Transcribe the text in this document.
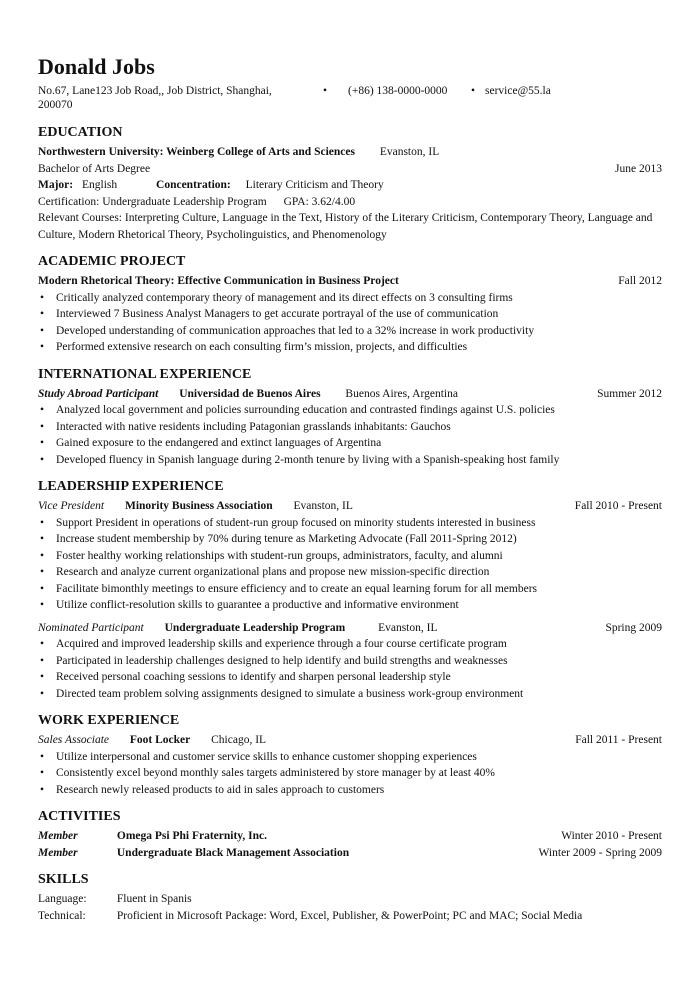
Donald Jobs
No.67, Lane123 Job Road,, Job District, Shanghai, 200070
• (+86) 138-0000-0000 • service@55.la
EDUCATION
Northwestern University: Weinberg College of Arts and Sciences Evanston, IL
Bachelor of Arts Degree	June 2013
Major: English	Concentration: Literary Criticism and Theory
Certification: Undergraduate Leadership Program GPA: 3.62/4.00
Relevant Courses: Interpreting Culture, Language in the Text, History of the Literary Criticism, Contemporary Theory, Language and Culture, Modern Rhetorical Theory, Psycholinguistics, and Phenomenology
ACADEMIC PROJECT
Modern Rhetorical Theory: Effective Communication in Business Project	Fall 2012
• Critically analyzed contemporary theory of management and its direct effects on 3 consulting firms
• Interviewed 7 Business Analyst Managers to get accurate portrayal of the use of communication
• Developed understanding of communication approaches that led to a 32% increase in work productivity
• Performed extensive research on each consulting firm’s mission, projects, and difficulties
INTERNATIONAL EXPERIENCE
Study Abroad Participant Universidad de Buenos Aires Buenos Aires, Argentina	Summer 2012
• Analyzed local government and policies surrounding education and contrasted findings against U.S. policies
• Interacted with native residents including Patagonian grasslands inhabitants: Gauchos
• Gained exposure to the endangered and extinct languages of Argentina
• Developed fluency in Spanish language during 2-month tenure by living with a Spanish-speaking host family
LEADERSHIP EXPERIENCE
Vice President Minority Business Association Evanston, IL	Fall 2010 - Present
• Support President in operations of student-run group focused on minority students interested in business
• Increase student membership by 70% during tenure as Marketing Advocate (Fall 2011-Spring 2012)
• Foster healthy working relationships with student-run groups, administrators, faculty, and alumni
• Research and analyze current organizational plans and propose new mission-specific direction
• Facilitate bimonthly meetings to ensure efficiency and to create an equal learning forum for all members
• Utilize conflict-resolution skills to guarantee a productive and informative environment
Nominated Participant Undergraduate Leadership Program	Evanston, IL	Spring 2009
• Acquired and improved leadership skills and experience through a four course certificate program
• Participated in leadership challenges designed to help identify and build strengths and weaknesses
• Received personal coaching sessions to identify and sharpen personal leadership style
• Directed team problem solving assignments designed to simulate a business work-group environment
WORK EXPERIENCE
Sales Associate Foot Locker Chicago, IL	Fall 2011 - Present
• Utilize interpersonal and customer service skills to enhance customer shopping experiences
• Consistently excel beyond monthly sales targets administered by store manager by at least 40%
• Research newly released products to aid in sales approach to customers
ACTIVITIES
Member	Omega Psi Phi Fraternity, Inc.	Winter 2010 - Present
Member	Undergraduate Black Management Association	Winter 2009 - Spring 2009
SKILLS
Language:	Fluent in Spanis
Technical:	Proficient in Microsoft Package: Word, Excel, Publisher, & PowerPoint; PC and MAC; Social Media
